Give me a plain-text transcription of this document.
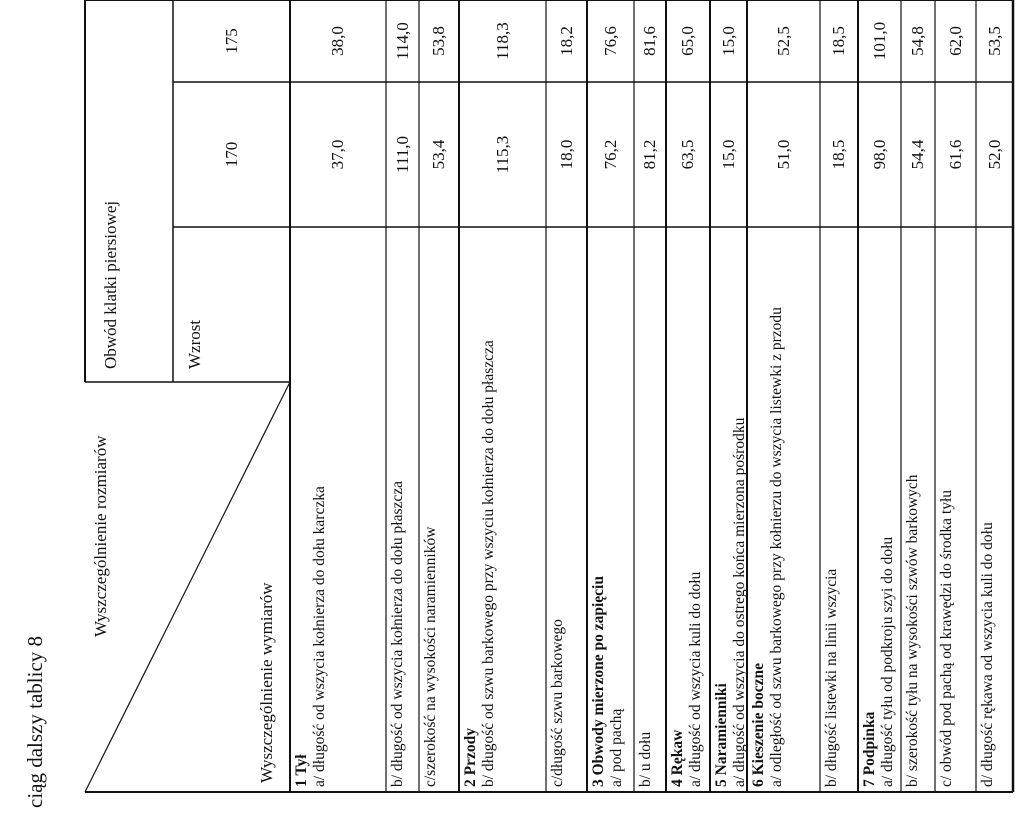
ciąg dalszy tablicy 8
Wyszczególnienie rozmiarów
Wyszczególnienie wymiarów
Obwód klatki piersiowej	Wzrost
170
175
1 Tył
a/ długość od wszycia kołnierza do dołu karczka
37,0
38,0
b/ długość od wszycia kołnierza do dołu płaszcza
111,0
114,0
c/szerokość na wysokości naramienników
53,4
53,8
2 Przody
b/ długość od szwu barkowego przy wszyciu kołnierza do dołu płaszcza
115,3
118,3
c/długość szwu barkowego
18,0
18,2
3 Obwody mierzone po zapięciu
a/ pod pachą
76,2
76,6
b/ u dołu
81,2
81,6
4 Rękaw
a/ długość od wszycia kuli do dołu
63,5
65,0
5 Naramienniki
a/ długość od wszycia do ostrego końca mierzona pośrodku
15,0
15,0
6 Kieszenie boczne
a/ odległość od szwu barkowego przy kołnierzu do wszycia listewki z przodu
51,0
52,5
b/ długość listewki na linii wszycia
18,5
18,5
7 Podpinka
a/ długość tyłu od podkroju szyi do dołu
98,0
101,0
b/ szerokość tyłu na wysokości szwów barkowych
54,4
54,8
c/ obwód pod pachą od krawędzi do środka tyłu
61,6
62,0
d/ długość rękawa od wszycia kuli do dołu
52,0
53,5
